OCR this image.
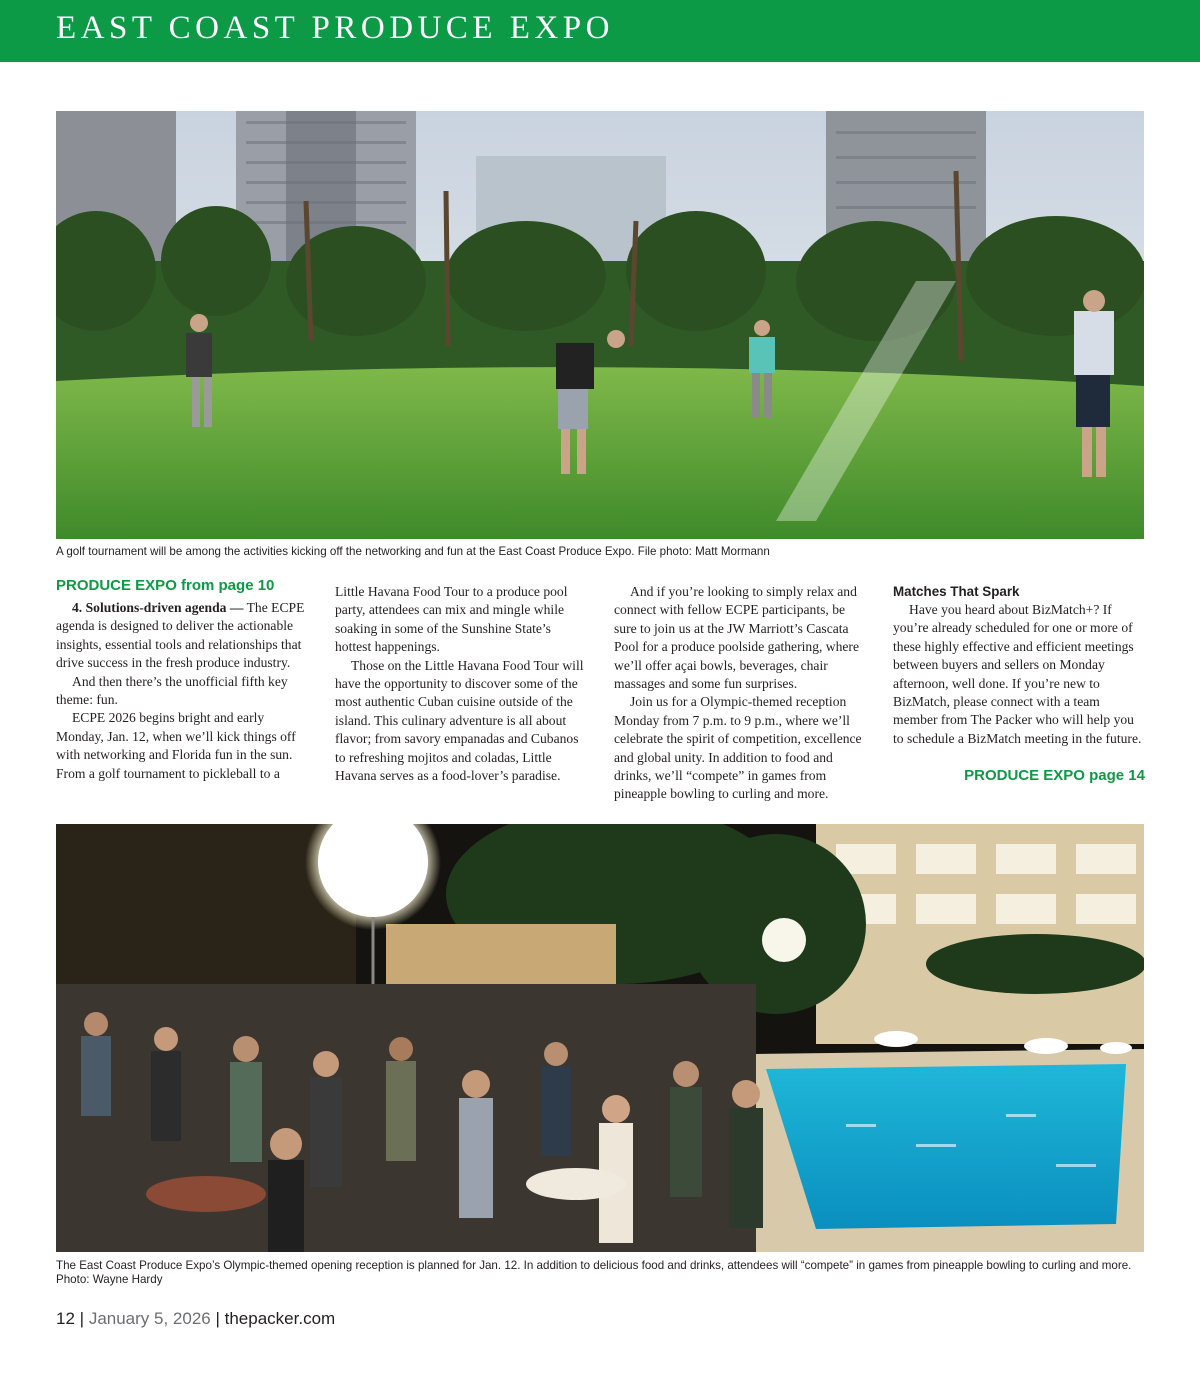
EAST COAST PRODUCE EXPO
A golf tournament will be among the activities kicking off the networking and fun at the East Coast Produce Expo. File photo: Matt Mormann
PRODUCE EXPO from page 10

4. Solutions-driven agenda — The ECPE agenda is designed to deliver the actionable insights, essential tools and relationships that drive success in the fresh produce industry.

And then there’s the unofficial fifth key theme: fun.

ECPE 2026 begins bright and early Monday, Jan. 12, when we’ll kick things off with networking and Florida fun in the sun. From a golf tournament to pickleball to a

Little Havana Food Tour to a produce pool party, attendees can mix and mingle while soaking in some of the Sunshine State’s hottest happenings.

Those on the Little Havana Food Tour will have the opportunity to discover some of the most authentic Cuban cuisine outside of the island. This culinary adventure is all about flavor; from savory empanadas and Cubanos to refreshing mojitos and coladas, Little Havana serves as a food-lover’s paradise.

And if you’re looking to simply relax and connect with fellow ECPE participants, be sure to join us at the JW Marriott’s Cascata Pool for a produce poolside gathering, where we’ll offer açai bowls, beverages, chair massages and some fun surprises.

Join us for a Olympic-themed reception Monday from 7 p.m. to 9 p.m., where we’ll celebrate the spirit of competition, excellence and global unity. In addition to food and drinks, we’ll “compete” in games from pineapple bowling to curling and more.

Matches That Spark

Have you heard about BizMatch+? If you’re already scheduled for one or more of these highly effective and efficient meetings between buyers and sellers on Monday afternoon, well done. If you’re new to BizMatch, please connect with a team member from The Packer who will help you to schedule a BizMatch meeting in the future.

PRODUCE EXPO page 14
The East Coast Produce Expo’s Olympic-themed opening reception is planned for Jan. 12. In addition to delicious food and drinks, attendees will “compete” in games from pineapple bowling to curling and more. Photo: Wayne Hardy
12 | January 5, 2026 | thepacker.com
